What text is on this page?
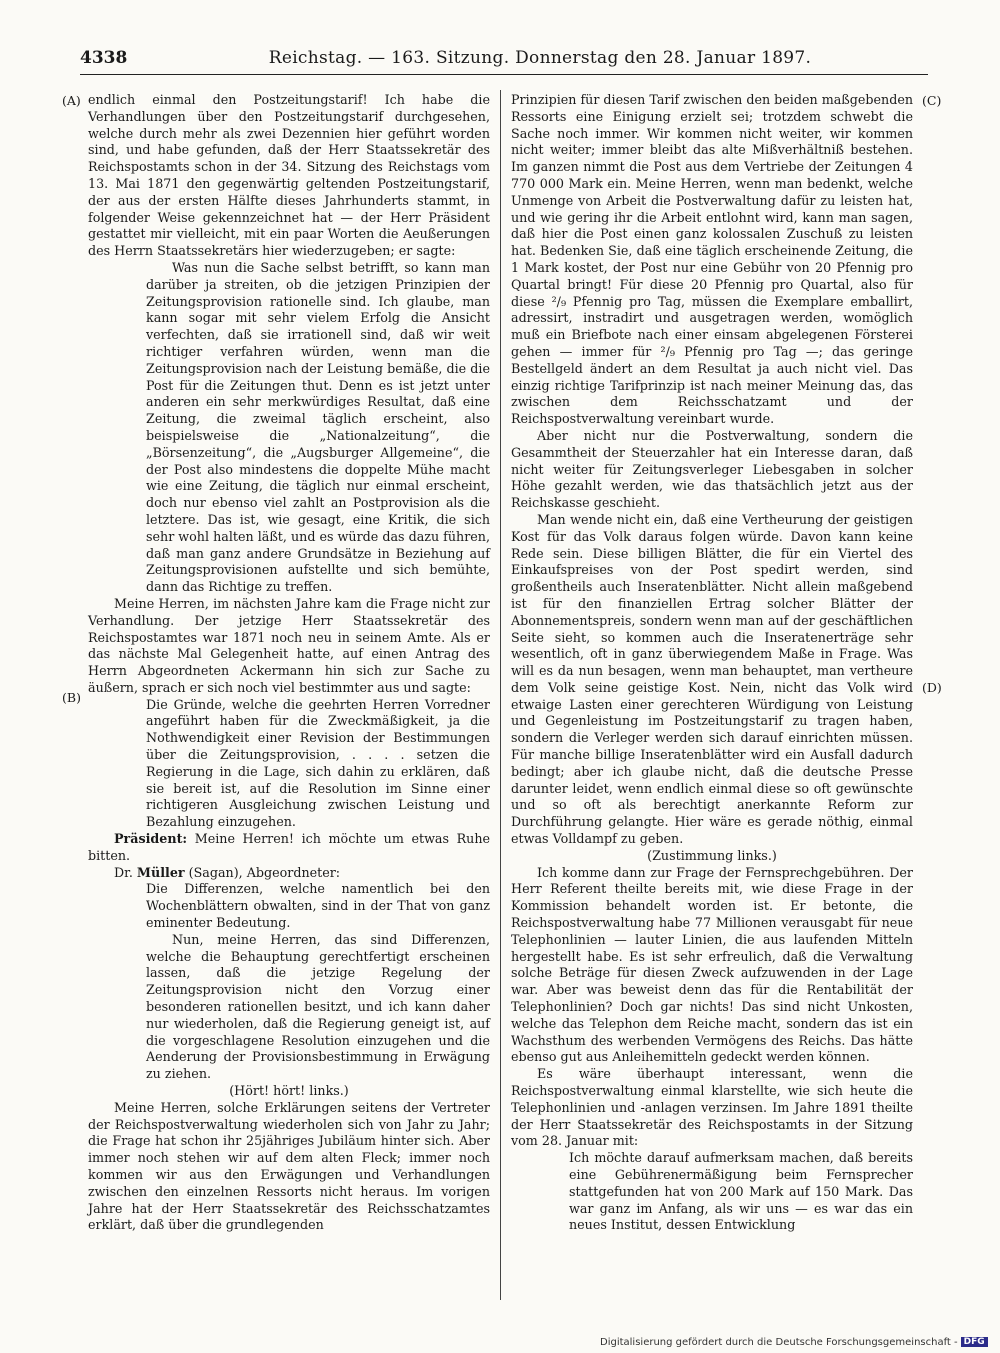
4338	Reichstag. — 163. Sitzung. Donnerstag den 28. Januar 1897.
(A)
(B)
(C)
(D)

endlich einmal den Postzeitungstarif! Ich habe die Verhandlungen über den Postzeitungstarif durchgesehen, welche durch mehr als zwei Dezennien hier geführt worden sind, und habe gefunden, daß der Herr Staatssekretär des Reichspostamts schon in der 34. Sitzung des Reichstags vom 13. Mai 1871 den gegenwärtig geltenden Postzeitungstarif, der aus der ersten Hälfte dieses Jahrhunderts stammt, in folgender Weise gekennzeichnet hat — der Herr Präsident gestattet mir vielleicht, mit ein paar Worten die Aeußerungen des Herrn Staatssekretärs hier wiederzugeben; er sagte:

Was nun die Sache selbst betrifft, so kann man darüber ja streiten, ob die jetzigen Prinzipien der Zeitungsprovision rationelle sind. Ich glaube, man kann sogar mit sehr vielem Erfolg die Ansicht verfechten, daß sie irrationell sind, daß wir weit richtiger verfahren würden, wenn man die Zeitungsprovision nach der Leistung bemäße, die die Post für die Zeitungen thut. Denn es ist jetzt unter anderen ein sehr merkwürdiges Resultat, daß eine Zeitung, die zweimal täglich erscheint, also beispielsweise die „Nationalzeitung“, die „Börsenzeitung“, die „Augsburger Allgemeine“, die der Post also mindestens die doppelte Mühe macht wie eine Zeitung, die täglich nur einmal erscheint, doch nur ebenso viel zahlt an Postprovision als die letztere. Das ist, wie gesagt, eine Kritik, die sich sehr wohl halten läßt, und es würde das dazu führen, daß man ganz andere Grundsätze in Beziehung auf Zeitungsprovisionen aufstellte und sich bemühte, dann das Richtige zu treffen.

Meine Herren, im nächsten Jahre kam die Frage nicht zur Verhandlung. Der jetzige Herr Staatssekretär des Reichspostamtes war 1871 noch neu in seinem Amte. Als er das nächste Mal Gelegenheit hatte, auf einen Antrag des Herrn Abgeordneten Ackermann hin sich zur Sache zu äußern, sprach er sich noch viel bestimmter aus und sagte:

Die Gründe, welche die geehrten Herren Vorredner angeführt haben für die Zweckmäßigkeit, ja die Nothwendigkeit einer Revision der Bestimmungen über die Zeitungsprovision, . . . . setzen die Regierung in die Lage, sich dahin zu erklären, daß sie bereit ist, auf die Resolution im Sinne einer richtigeren Ausgleichung zwischen Leistung und Bezahlung einzugehen.

Präsident: Meine Herren! ich möchte um etwas Ruhe bitten.

Dr. Müller (Sagan), Abgeordneter:

Die Differenzen, welche namentlich bei den Wochenblättern obwalten, sind in der That von ganz eminenter Bedeutung.

Nun, meine Herren, das sind Differenzen, welche die Behauptung gerechtfertigt erscheinen lassen, daß die jetzige Regelung der Zeitungsprovision nicht den Vorzug einer besonderen rationellen besitzt, und ich kann daher nur wiederholen, daß die Regierung geneigt ist, auf die vorgeschlagene Resolution einzugehen und die Aenderung der Provisionsbestimmung in Erwägung zu ziehen.

(Hört! hört! links.)

Meine Herren, solche Erklärungen seitens der Vertreter der Reichspostverwaltung wiederholen sich von Jahr zu Jahr; die Frage hat schon ihr 25jähriges Jubiläum hinter sich. Aber immer noch stehen wir auf dem alten Fleck; immer noch kommen wir aus den Erwägungen und Verhandlungen zwischen den einzelnen Ressorts nicht heraus. Im vorigen Jahre hat der Herr Staatssekretär des Reichsschatzamtes erklärt, daß über die grundlegenden

Prinzipien für diesen Tarif zwischen den beiden maßgebenden Ressorts eine Einigung erzielt sei; trotzdem schwebt die Sache noch immer. Wir kommen nicht weiter, wir kommen nicht weiter; immer bleibt das alte Mißverhältniß bestehen. Im ganzen nimmt die Post aus dem Vertriebe der Zeitungen 4 770 000 Mark ein. Meine Herren, wenn man bedenkt, welche Unmenge von Arbeit die Postverwaltung dafür zu leisten hat, und wie gering ihr die Arbeit entlohnt wird, kann man sagen, daß hier die Post einen ganz kolossalen Zuschuß zu leisten hat. Bedenken Sie, daß eine täglich erscheinende Zeitung, die 1 Mark kostet, der Post nur eine Gebühr von 20 Pfennig pro Quartal bringt! Für diese 20 Pfennig pro Quartal, also für diese ²/₉ Pfennig pro Tag, müssen die Exemplare emballirt, adressirt, instradirt und ausgetragen werden, womöglich muß ein Briefbote nach einer einsam abgelegenen Försterei gehen — immer für ²/₉ Pfennig pro Tag —; das geringe Bestellgeld ändert an dem Resultat ja auch nicht viel. Das einzig richtige Tarifprinzip ist nach meiner Meinung das, das zwischen dem Reichsschatzamt und der Reichspostverwaltung vereinbart wurde.

Aber nicht nur die Postverwaltung, sondern die Gesammtheit der Steuerzahler hat ein Interesse daran, daß nicht weiter für Zeitungsverleger Liebesgaben in solcher Höhe gezahlt werden, wie das thatsächlich jetzt aus der Reichskasse geschieht.

Man wende nicht ein, daß eine Vertheurung der geistigen Kost für das Volk daraus folgen würde. Davon kann keine Rede sein. Diese billigen Blätter, die für ein Viertel des Einkaufspreises von der Post spedirt werden, sind großentheils auch Inseratenblätter. Nicht allein maßgebend ist für den finanziellen Ertrag solcher Blätter der Abonnementspreis, sondern wenn man auf der geschäftlichen Seite sieht, so kommen auch die Inseratenerträge sehr wesentlich, oft in ganz überwiegendem Maße in Frage. Was will es da nun besagen, wenn man behauptet, man vertheure dem Volk seine geistige Kost. Nein, nicht das Volk wird etwaige Lasten einer gerechteren Würdigung von Leistung und Gegenleistung im Postzeitungstarif zu tragen haben, sondern die Verleger werden sich darauf einrichten müssen. Für manche billige Inseratenblätter wird ein Ausfall dadurch bedingt; aber ich glaube nicht, daß die deutsche Presse darunter leidet, wenn endlich einmal diese so oft gewünschte und so oft als berechtigt anerkannte Reform zur Durchführung gelangte. Hier wäre es gerade nöthig, einmal etwas Volldampf zu geben.

(Zustimmung links.)

Ich komme dann zur Frage der Fernsprechgebühren. Der Herr Referent theilte bereits mit, wie diese Frage in der Kommission behandelt worden ist. Er betonte, die Reichspostverwaltung habe 77 Millionen verausgabt für neue Telephonlinien — lauter Linien, die aus laufenden Mitteln hergestellt habe. Es ist sehr erfreulich, daß die Verwaltung solche Beträge für diesen Zweck aufzuwenden in der Lage war. Aber was beweist denn das für die Rentabilität der Telephonlinien? Doch gar nichts! Das sind nicht Unkosten, welche das Telephon dem Reiche macht, sondern das ist ein Wachsthum des werbenden Vermögens des Reichs. Das hätte ebenso gut aus Anleihemitteln gedeckt werden können.

Es wäre überhaupt interessant, wenn die Reichspostverwaltung einmal klarstellte, wie sich heute die Telephonlinien und -anlagen verzinsen. Im Jahre 1891 theilte der Herr Staatssekretär des Reichspostamts in der Sitzung vom 28. Januar mit:

Ich möchte darauf aufmerksam machen, daß bereits eine Gebührenermäßigung beim Fernsprecher stattgefunden hat von 200 Mark auf 150 Mark. Das war ganz im Anfang, als wir uns — es war das ein neues Institut, dessen Entwicklung

Digitalisierung gefördert durch die Deutsche Forschungsgemeinschaft - DFG
